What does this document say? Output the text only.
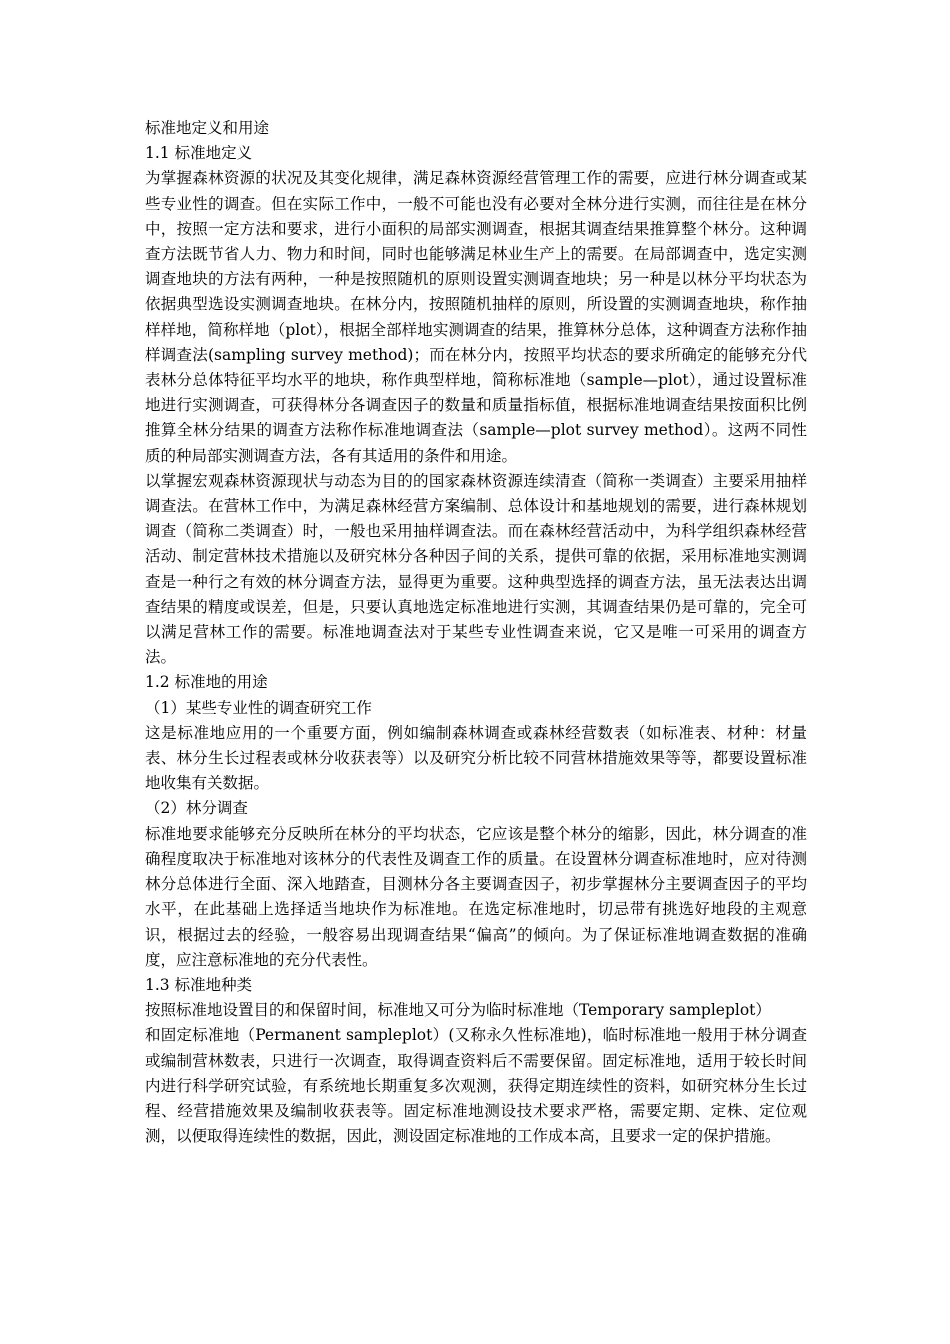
标准地定义和用途

1.1 标准地定义

为掌握森林资源的状况及其变化规律，满足森林资源经营管理工作的需要，应进行林分调查或某些专业性的调查。但在实际工作中，一般不可能也没有必要对全林分进行实测，而往往是在林分中，按照一定方法和要求，进行小面积的局部实测调查，根据其调查结果推算整个林分。这种调查方法既节省人力、物力和时间，同时也能够满足林业生产上的需要。在局部调查中，选定实测调查地块的方法有两种，一种是按照随机的原则设置实测调查地块；另一种是以林分平均状态为依据典型选设实测调查地块。在林分内，按照随机抽样的原则，所设置的实测调查地块，称作抽样样地，简称样地（plot），根据全部样地实测调查的结果，推算林分总体，这种调查方法称作抽样调查法(sampling survey method)；而在林分内，按照平均状态的要求所确定的能够充分代表林分总体特征平均水平的地块，称作典型样地，简称标准地（sample—plot），通过设置标准地进行实测调查，可获得林分各调查因子的数量和质量指标值，根据标准地调查结果按面积比例推算全林分结果的调查方法称作标准地调查法（sample—plot survey method）。这两不同性质的种局部实测调查方法，各有其适用的条件和用途。

以掌握宏观森林资源现状与动态为目的的国家森林资源连续清查（简称一类调查）主要采用抽样调查法。在营林工作中，为满足森林经营方案编制、总体设计和基地规划的需要，进行森林规划调查（简称二类调查）时，一般也采用抽样调查法。而在森林经营活动中，为科学组织森林经营活动、制定营林技术措施以及研究林分各种因子间的关系，提供可靠的依据，采用标准地实测调查是一种行之有效的林分调查方法，显得更为重要。这种典型选择的调查方法，虽无法表达出调查结果的精度或误差，但是，只要认真地选定标准地进行实测，其调查结果仍是可靠的，完全可以满足营林工作的需要。标准地调查法对于某些专业性调查来说，它又是唯一可采用的调查方法。

1.2 标准地的用途

（1）某些专业性的调查研究工作

这是标准地应用的一个重要方面，例如编制森林调查或森林经营数表（如标准表、材种：材量表、林分生长过程表或林分收获表等）以及研究分析比较不同营林措施效果等等，都要设置标准地收集有关数据。

（2）林分调查

标准地要求能够充分反映所在林分的平均状态，它应该是整个林分的缩影，因此，林分调查的准确程度取决于标准地对该林分的代表性及调查工作的质量。在设置林分调查标准地时，应对待测林分总体进行全面、深入地踏查，目测林分各主要调查因子，初步掌握林分主要调查因子的平均水平，在此基础上选择适当地块作为标准地。在选定标准地时，切忌带有挑选好地段的主观意识，根据过去的经验，一般容易出现调查结果“偏高”的倾向。为了保证标准地调查数据的准确度，应注意标准地的充分代表性。

1.3 标准地种类

按照标准地设置目的和保留时间，标准地又可分为临时标准地（Temporary sampleplot）

和固定标准地（Permanent sampleplot）(又称永久性标准地)，临时标准地一般用于林分调查或编制营林数表，只进行一次调查，取得调查资料后不需要保留。固定标准地，适用于较长时间内进行科学研究试验，有系统地长期重复多次观测，获得定期连续性的资料，如研究林分生长过程、经营措施效果及编制收获表等。固定标准地测设技术要求严格，需要定期、定株、定位观测，以便取得连续性的数据，因此，测设固定标准地的工作成本高，且要求一定的保护措施。
